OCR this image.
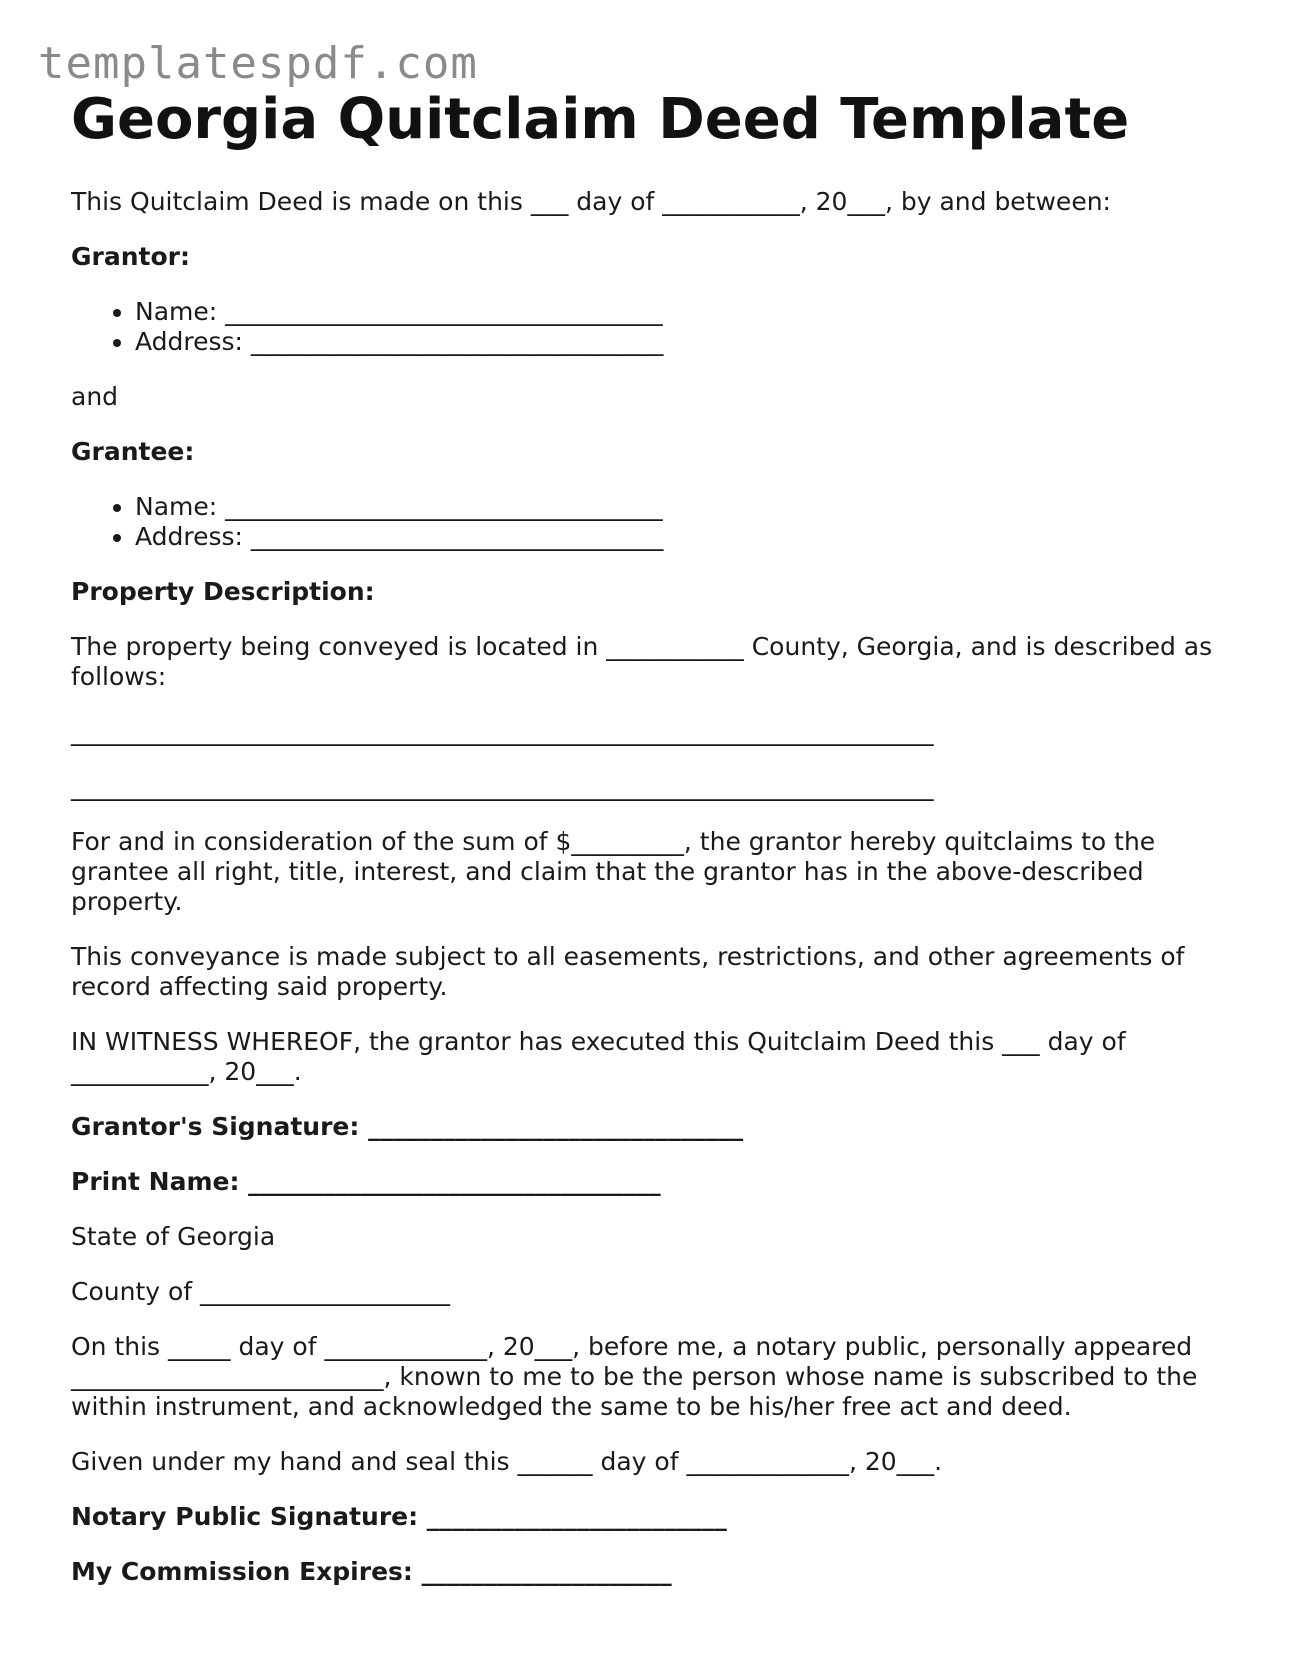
templatespdf.com
Georgia Quitclaim Deed Template

This Quitclaim Deed is made on this ___ day of ___________, 20___, by and between:

Grantor:

• Name: ___________________________________
• Address: _________________________________

and

Grantee:

• Name: ___________________________________
• Address: _________________________________

Property Description:

The property being conveyed is located in ___________ County, Georgia, and is described as follows:

_____________________________________________________________________

_____________________________________________________________________

For and in consideration of the sum of $_________, the grantor hereby quitclaims to the grantee all right, title, interest, and claim that the grantor has in the above-described property.

This conveyance is made subject to all easements, restrictions, and other agreements of record affecting said property.

IN WITNESS WHEREOF, the grantor has executed this Quitclaim Deed this ___ day of ___________, 20___.

Grantor's Signature: ______________________________

Print Name: _________________________________

State of Georgia

County of ____________________

On this _____ day of _____________, 20___, before me, a notary public, personally appeared _________________________, known to me to be the person whose name is subscribed to the within instrument, and acknowledged the same to be his/her free act and deed.

Given under my hand and seal this ______ day of _____________, 20___.

Notary Public Signature: ________________________

My Commission Expires: ____________________
